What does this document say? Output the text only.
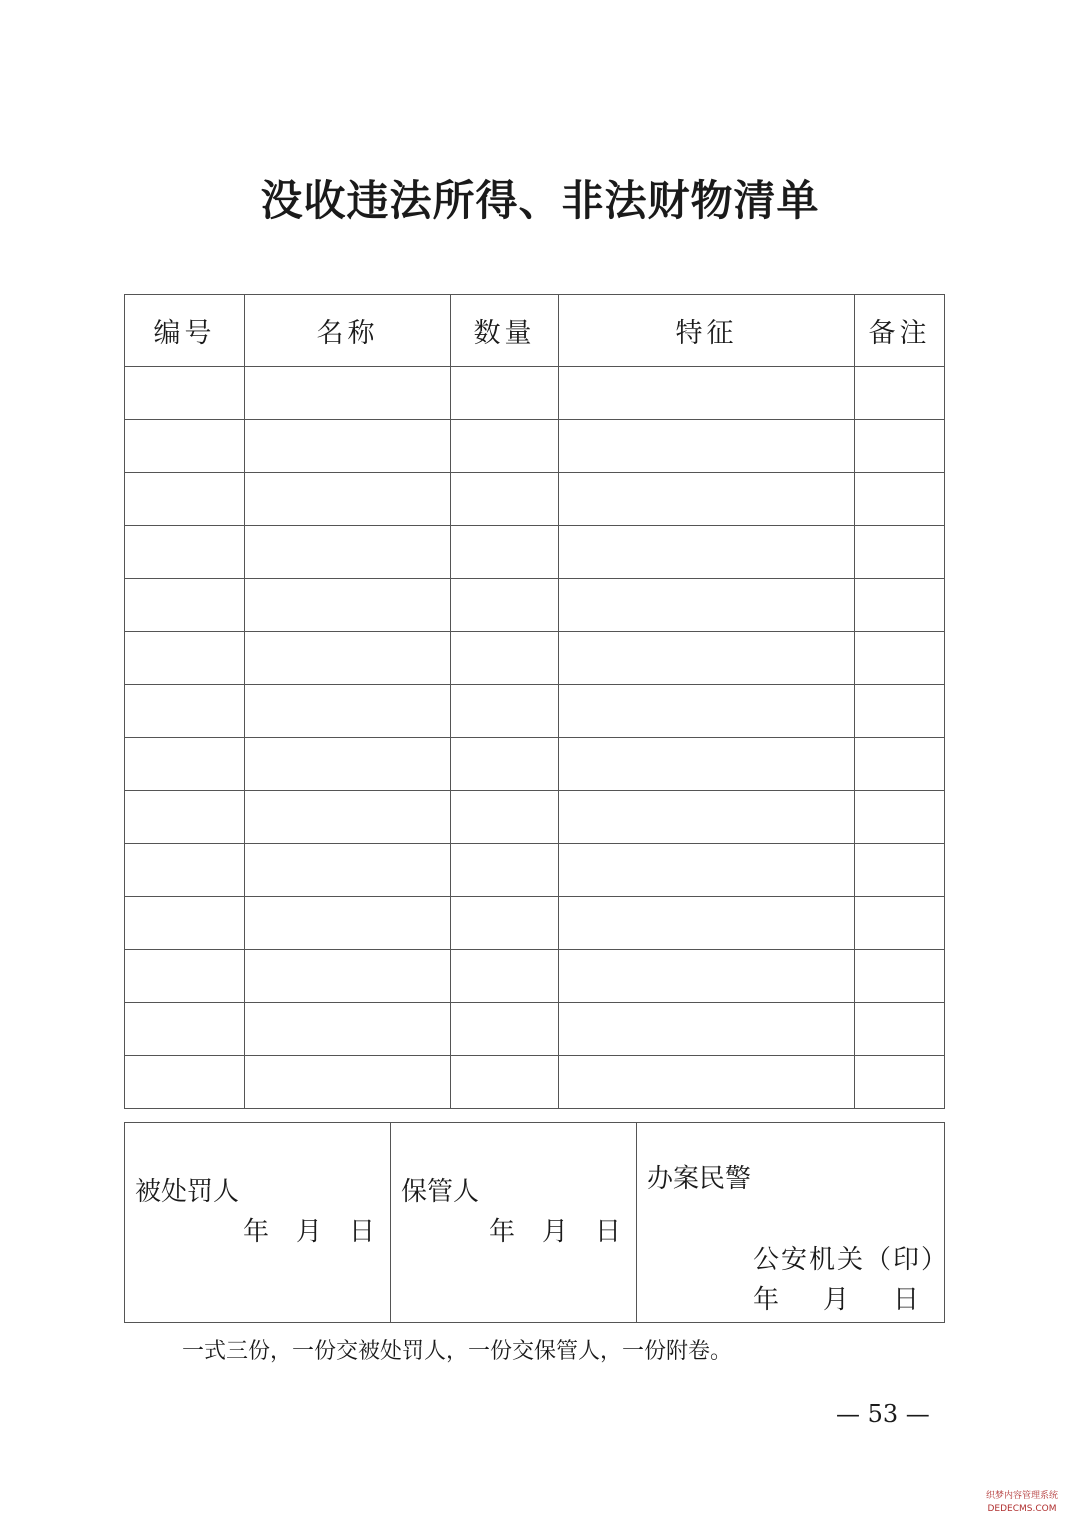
没收违法所得、非法财物清单
编号	名称	数量	特征	备注

被处罚人
年 月 日

保管人
年 月 日

办案民警
公安机关（印）
年 月 日
一式三份，一份交被处罚人，一份交保管人，一份附卷。
— 53 —
织梦内容管理系统
DEDECMS.COM
